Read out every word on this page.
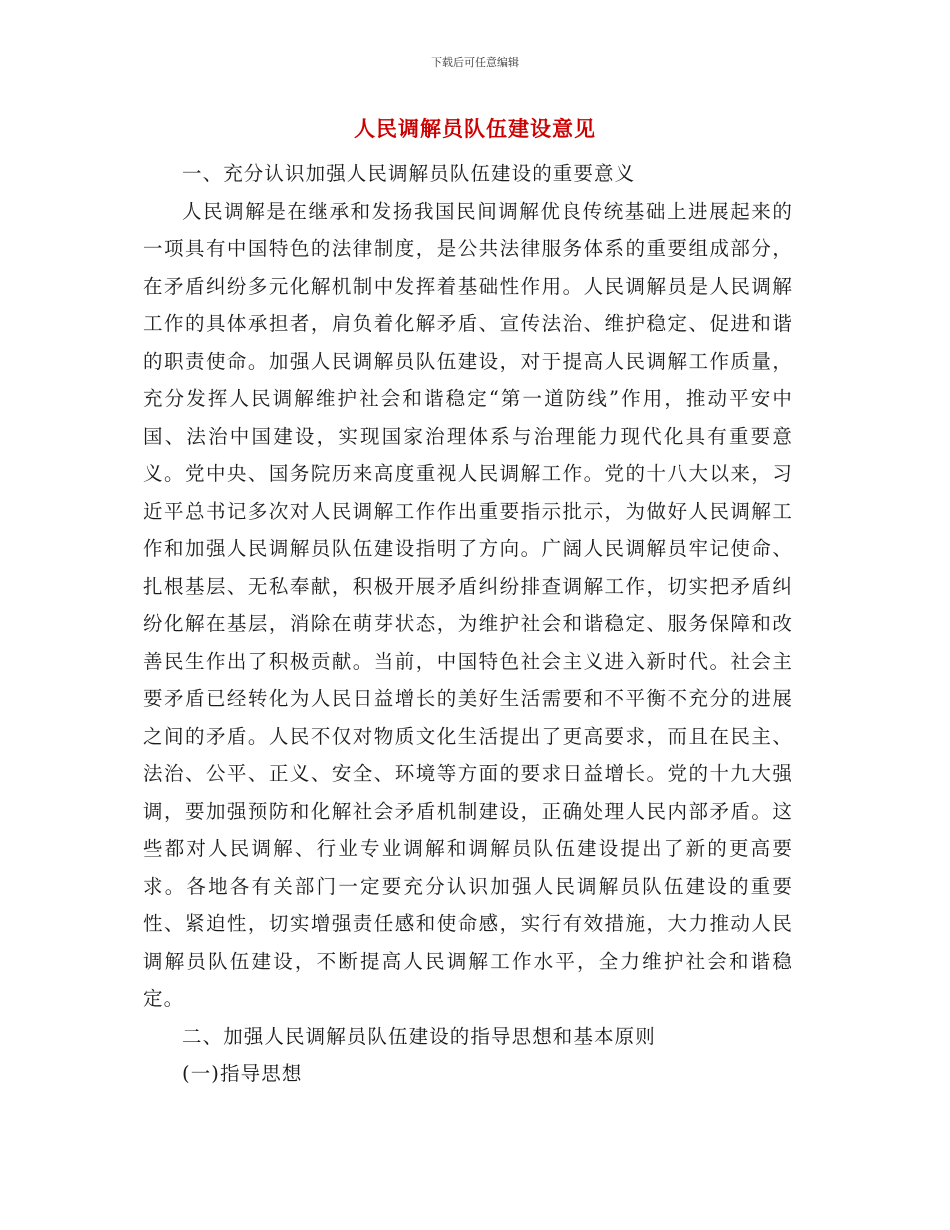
下载后可任意编辑
人民调解员队伍建设意见

一、充分认识加强人民调解员队伍建设的重要意义

人民调解是在继承和发扬我国民间调解优良传统基础上进展起来的一项具有中国特色的法律制度，是公共法律服务体系的重要组成部分，在矛盾纠纷多元化解机制中发挥着基础性作用。人民调解员是人民调解工作的具体承担者，肩负着化解矛盾、宣传法治、维护稳定、促进和谐的职责使命。加强人民调解员队伍建设，对于提高人民调解工作质量，充分发挥人民调解维护社会和谐稳定“第一道防线”作用，推动平安中国、法治中国建设，实现国家治理体系与治理能力现代化具有重要意义。党中央、国务院历来高度重视人民调解工作。党的十八大以来，习近平总书记多次对人民调解工作作出重要指示批示，为做好人民调解工作和加强人民调解员队伍建设指明了方向。广阔人民调解员牢记使命、扎根基层、无私奉献，积极开展矛盾纠纷排查调解工作，切实把矛盾纠纷化解在基层，消除在萌芽状态，为维护社会和谐稳定、服务保障和改善民生作出了积极贡献。当前，中国特色社会主义进入新时代。社会主要矛盾已经转化为人民日益增长的美好生活需要和不平衡不充分的进展之间的矛盾。人民不仅对物质文化生活提出了更高要求，而且在民主、法治、公平、正义、安全、环境等方面的要求日益增长。党的十九大强调，要加强预防和化解社会矛盾机制建设，正确处理人民内部矛盾。这些都对人民调解、行业专业调解和调解员队伍建设提出了新的更高要求。各地各有关部门一定要充分认识加强人民调解员队伍建设的重要性、紧迫性，切实增强责任感和使命感，实行有效措施，大力推动人民调解员队伍建设，不断提高人民调解工作水平，全力维护社会和谐稳定。

二、加强人民调解员队伍建设的指导思想和基本原则

(一)指导思想
